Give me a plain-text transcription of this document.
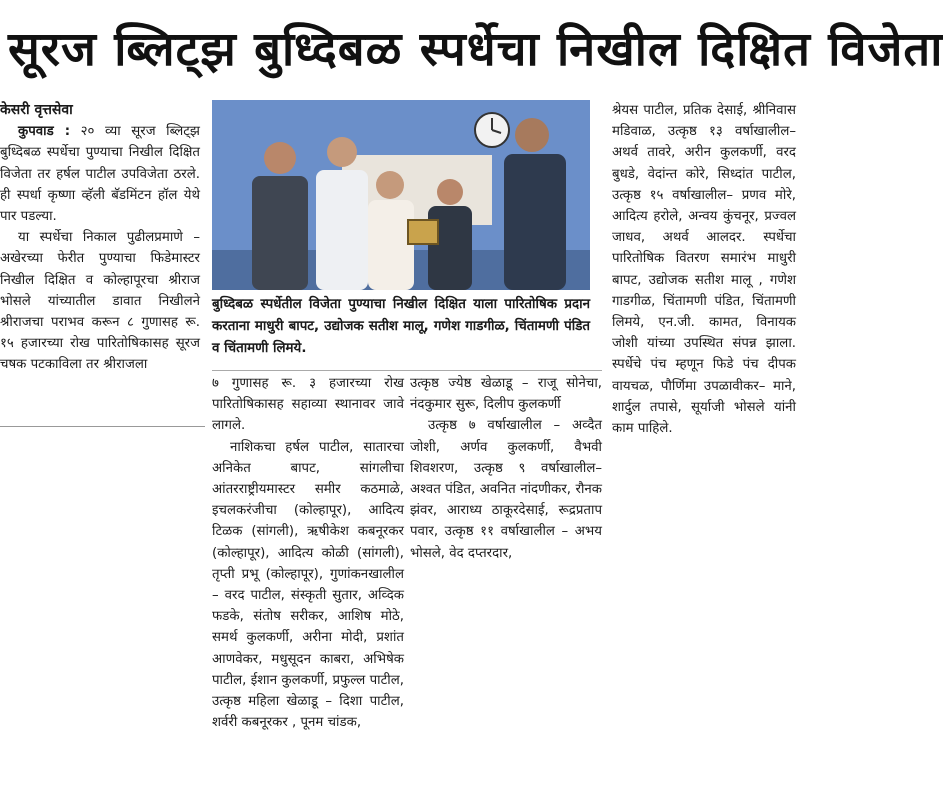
सूरज ब्लिट्झ बुध्दिबळ स्पर्धेचा निखील दिक्षित विजेता

केसरी वृत्तसेवा

कुपवाड : २० व्या सूरज ब्लिट्झ बुध्दिबळ स्पर्धेचा पुण्याचा निखील दिक्षित विजेता तर हर्षल पाटील उपविजेता ठरले. ही स्पर्धा कृष्णा व्हॅली बॅडमिंटन हॉल येथे पार पडल्या.

या स्पर्धेचा निकाल पुढीलप्रमाणे –अखेरच्या फेरीत पुण्याचा फिडेमास्टर निखील दिक्षित व कोल्हापूरचा श्रीराज भोसले यांच्यातील डावात निखीलने श्रीराजचा पराभव करून ८ गुणासह रू. १५ हजारच्या रोख पारितोषिकासह सूरज चषक पटकाविला तर श्रीराजला

बुध्दिबळ स्पर्धेतील विजेता पुण्याचा निखील दिक्षित याला पारितोषिक प्रदान करताना माधुरी बापट, उद्योजक सतीश मालू, गणेश गाडगीळ, चिंतामणी पंडित व चिंतामणी लिमये.

७ गुणासह रू. ३ हजारच्या रोख पारितोषिकासह सहाव्या स्थानावर जावे लागले.

नाशिकचा हर्षल पाटील, सातारचा अनिकेत बापट, सांगलीचा आंतरराष्ट्रीयमास्टर समीर कठमाळे, इचलकरंजीचा (कोल्हापूर), आदित्य टिळक (सांगली), ऋषीकेश कबनूरकर (कोल्हापूर), आदित्य कोळी (सांगली), तृप्ती प्रभू (कोल्हापूर), गुणांकनखालील – वरद पाटील, संस्कृती सुतार, अव्दिक फडके, संतोष सरीकर, आशिष मोठे, समर्थ कुलकर्णी, अरीना मोदी, प्रशांत आणवेकर, मधुसूदन काबरा, अभिषेक पाटील, ईशान कुलकर्णी, प्रफुल्ल पाटील, उत्कृष्ठ महिला खेळाडू – दिशा पाटील, शर्वरी कबनूरकर , पूनम चांडक,

उत्कृष्ठ ज्येष्ठ खेळाडू – राजू सोनेचा, नंदकुमार सुरू, दिलीप कुलकर्णी

उत्कृष्ठ ७ वर्षाखालील – अव्दैत जोशी, अर्णव कुलकर्णी, वैभवी शिवशरण, उत्कृष्ठ ९ वर्षाखालील– अश्वत पंडित, अवनित नांदणीकर, रौनक झंवर, आराध्य ठाकूरदेसाई, रूद्रप्रताप पवार, उत्कृष्ठ ११ वर्षाखालील – अभय भोसले, वेद दप्तरदार,

श्रेयस पाटील, प्रतिक देसाई, श्रीनिवास मडिवाळ, उत्कृष्ठ १३ वर्षाखालील– अथर्व तावरे, अरीन कुलकर्णी, वरद बुधडे, वेदांन्त कोरे, सिध्दांत पाटील, उत्कृष्ठ १५ वर्षाखालील– प्रणव मोरे, आदित्य हरोले, अन्वय कुंचनूर, प्रज्वल जाधव, अथर्व आलदर. स्पर्धेचा पारितोषिक वितरण समारंभ माधुरी बापट, उद्योजक सतीश मालू , गणेश गाडगीळ, चिंतामणी पंडित, चिंतामणी लिमये, एन.जी. कामत, विनायक जोशी यांच्या उपस्थित संपन्न झाला. स्पर्धेचे पंच म्हणून फिडे पंच दीपक वायचळ, पौर्णिमा उपळावीकर– माने, शार्दुल तपासे, सूर्याजी भोसले यांनी काम पाहिले.
